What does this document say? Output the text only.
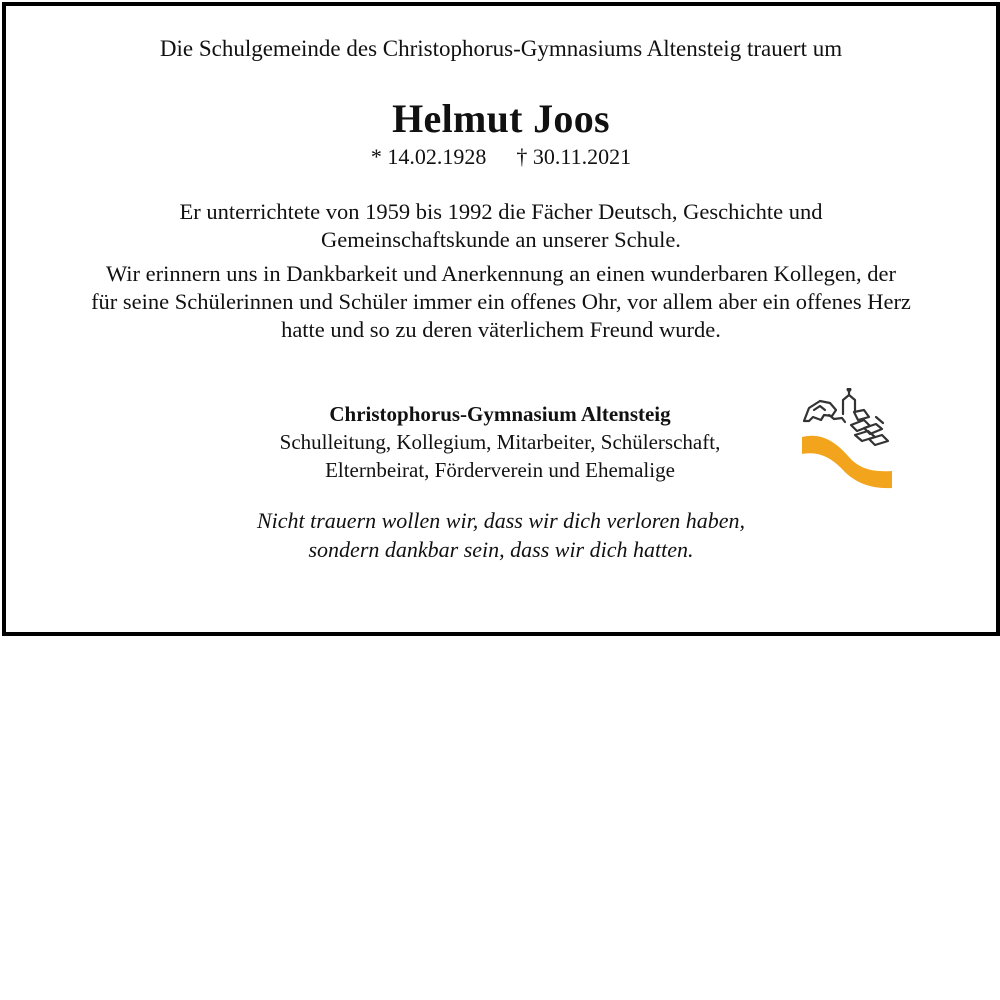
Die Schulgemeinde des Christophorus-Gymnasiums Altensteig trauert um
Helmut Joos
* 14.02.1928 † 30.11.2021
Er unterrichtete von 1959 bis 1992 die Fächer Deutsch, Geschichte und
Gemeinschaftskunde an unserer Schule.
Wir erinnern uns in Dankbarkeit und Anerkennung an einen wunderbaren Kollegen, der
für seine Schülerinnen und Schüler immer ein offenes Ohr, vor allem aber ein offenes Herz
hatte und so zu deren väterlichem Freund wurde.
Christophorus-Gymnasium Altensteig
Schulleitung, Kollegium, Mitarbeiter, Schülerschaft,
Elternbeirat, Förderverein und Ehemalige
Nicht trauern wollen wir, dass wir dich verloren haben,
sondern dankbar sein, dass wir dich hatten.
